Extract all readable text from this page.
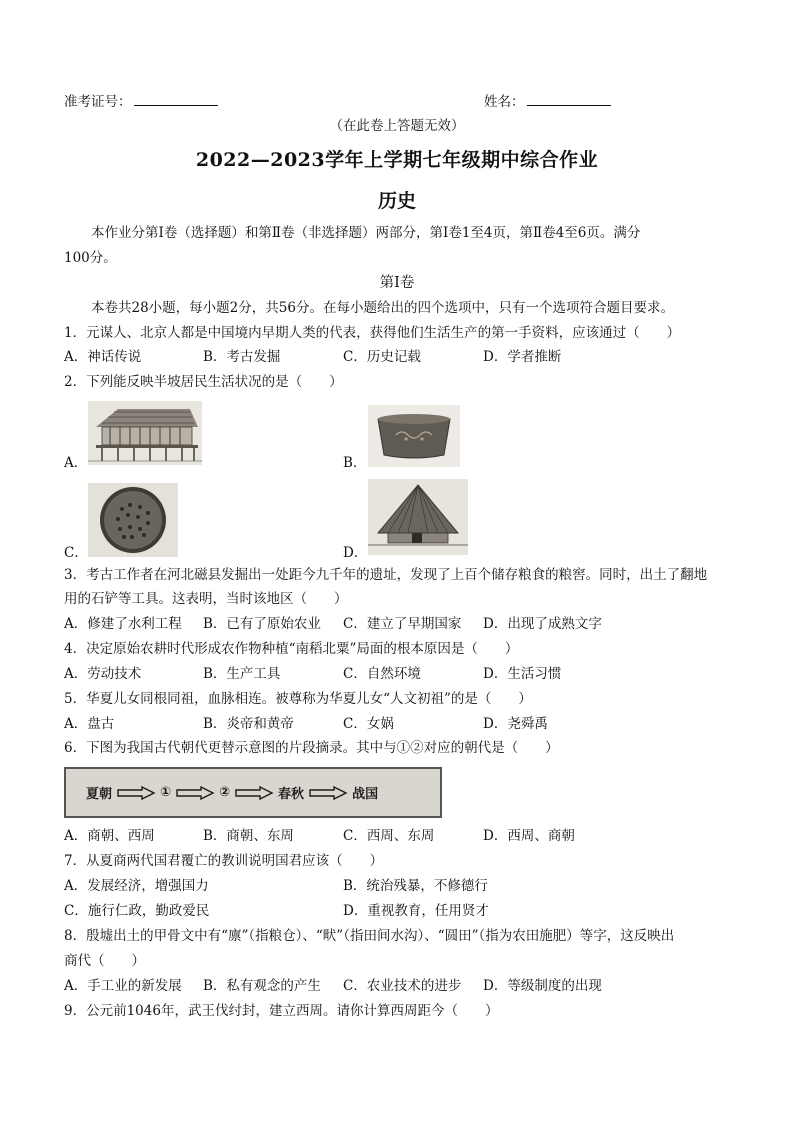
准考证号：	姓名：
（在此卷上答题无效）
2022—2023学年上学期七年级期中综合作业
历史
本作业分第Ⅰ卷（选择题）和第Ⅱ卷（非选择题）两部分，第Ⅰ卷1至4页，第Ⅱ卷4至6页。满分
100分。
第Ⅰ卷
本卷共28小题，每小题2分，共56分。在每小题给出的四个选项中，只有一个选项符合题目要求。
1．元谋人、北京人都是中国境内早期人类的代表，获得他们生活生产的第一手资料，应该通过（　　）
A．神话传说	B．考古发掘	C．历史记载	D．学者推断
2．下列能反映半坡居民生活状况的是（　　）
A．	B．
C．	D．
3．考古工作者在河北磁县发掘出一处距今九千年的遗址，发现了上百个储存粮食的粮窖。同时，出土了翻地
用的石铲等工具。这表明，当时该地区（　　）
A．修建了水利工程 B．已有了原始农业 C．建立了早期国家 D．出现了成熟文字
4．决定原始农耕时代形成农作物种植“南稻北粟”局面的根本原因是（　　）
A．劳动技术	B．生产工具	C．自然环境	D．生活习惯
5．华夏儿女同根同祖，血脉相连。被尊称为华夏儿女“人文初祖”的是（　　）
A．盘古	B．炎帝和黄帝	C．女娲	D．尧舜禹
6．下图为我国古代朝代更替示意图的片段摘录。其中与①②对应的朝代是（　　）
夏朝	①	②	春秋	战国
A．商朝、西周	B．商朝、东周	C．西周、东周	D．西周、商朝
7．从夏商两代国君覆亡的教训说明国君应该（　　）
A．发展经济，增强国力	B．统治残暴，不修德行
C．施行仁政，勤政爱民	D．重视教育，任用贤才
8．殷墟出土的甲骨文中有“廪”（指粮仓）、“畎”（指田间水沟）、“圆田”（指为农田施肥）等字，这反映出
商代（　　）
A．手工业的新发展 B．私有观念的产生 C．农业技术的进步 D．等级制度的出现
9．公元前1046年，武王伐纣封，建立西周。请你计算西周距今（　　）
